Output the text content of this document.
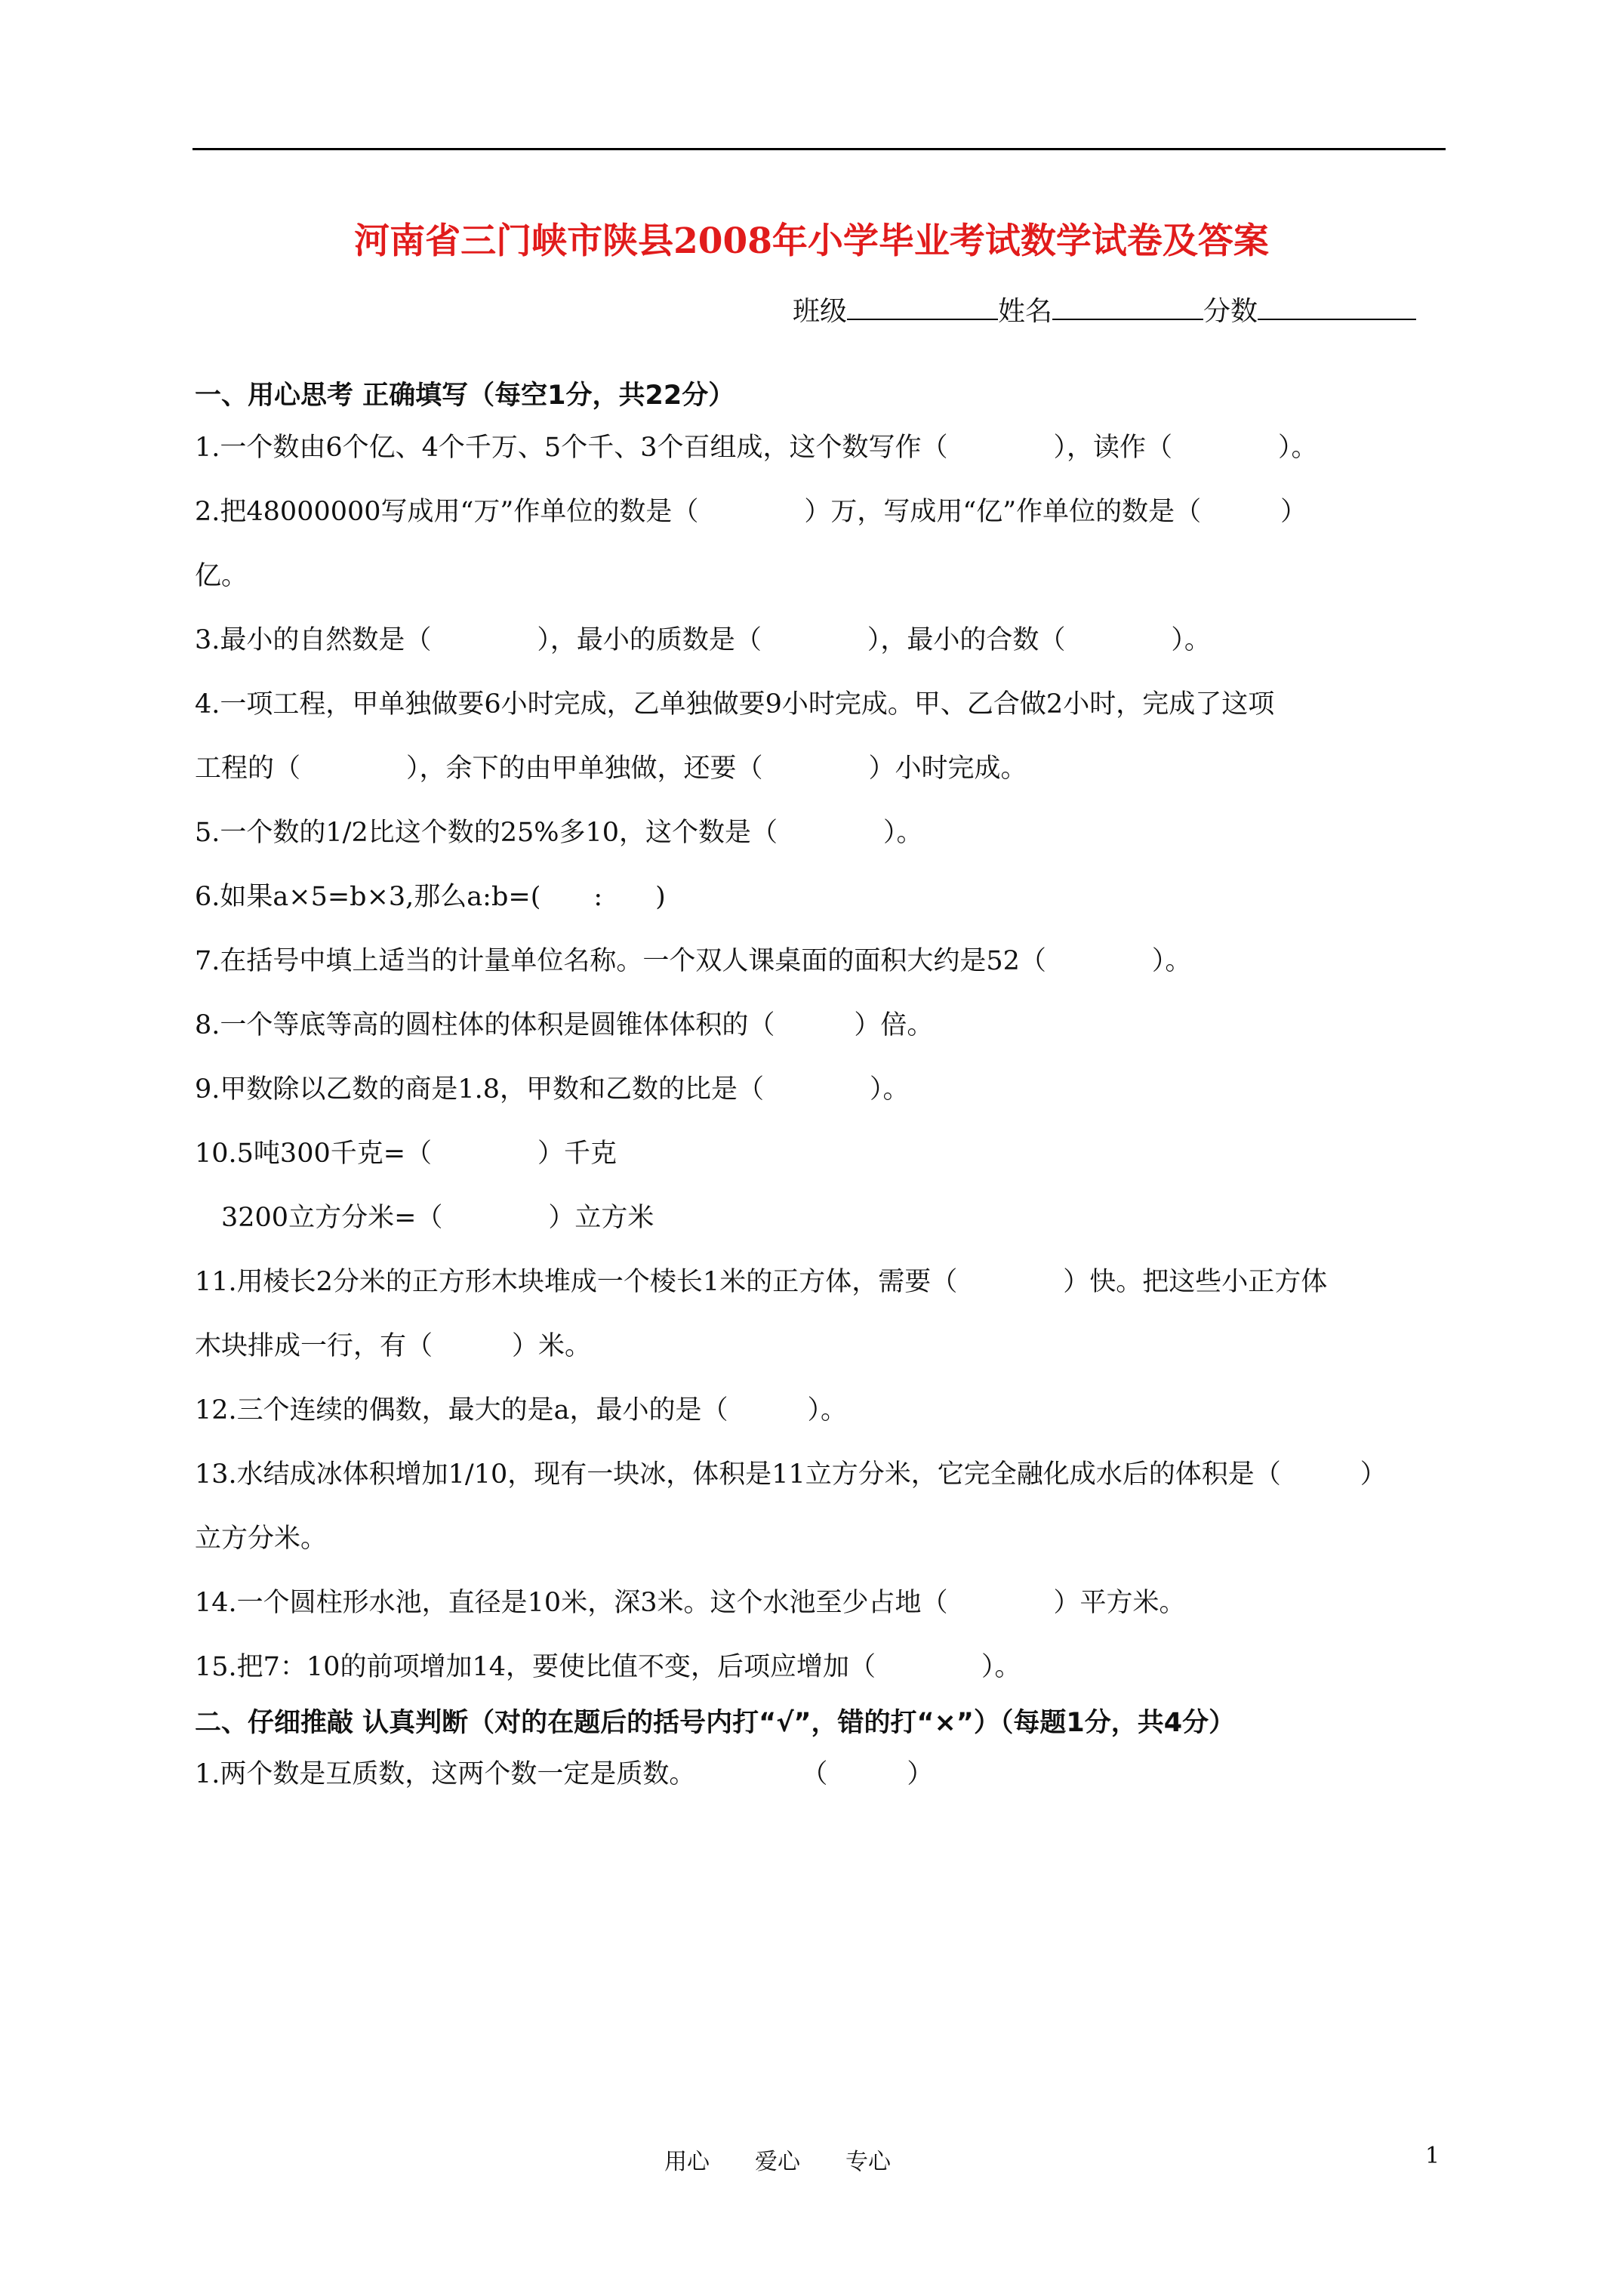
河南省三门峡市陕县2008年小学毕业考试数学试卷及答案
班级	姓名	分数
一、用心思考 正确填写（每空1分，共22分）
1.一个数由6个亿、4个千万、5个千、3个百组成，这个数写作（　　　　），读作（　　　　）。
2.把48000000写成用“万”作单位的数是（　　　　）万，写成用“亿”作单位的数是（　　　）
亿。
3.最小的自然数是（　　　　），最小的质数是（　　　　），最小的合数（　　　　）。
4.一项工程，甲单独做要6小时完成，乙单独做要9小时完成。甲、乙合做2小时，完成了这项
工程的（　　　　），余下的由甲单独做，还要（　　　　）小时完成。
5.一个数的1/2比这个数的25%多10，这个数是（　　　　）。
6.如果a×5=b×3,那么a:b=(　　:　　)
7.在括号中填上适当的计量单位名称。一个双人课桌面的面积大约是52（　　　　）。
8.一个等底等高的圆柱体的体积是圆锥体体积的（　　　）倍。
9.甲数除以乙数的商是1.8，甲数和乙数的比是（　　　　）。
10.5吨300千克=（　　　　）千克
　3200立方分米=（　　　　）立方米
11.用棱长2分米的正方形木块堆成一个棱长1米的正方体，需要（　　　　）快。把这些小正方体
木块排成一行，有（　　　）米。
12.三个连续的偶数，最大的是a，最小的是（　　　）。
13.水结成冰体积增加1/10，现有一块冰，体积是11立方分米，它完全融化成水后的体积是（　　　）
立方分米。
14.一个圆柱形水池，直径是10米，深3米。这个水池至少占地（　　　　）平方米。
15.把7：10的前项增加14，要使比值不变，后项应增加（　　　　）。
二、仔细推敲 认真判断（对的在题后的括号内打“√”，错的打“×”）（每题1分，共4分）
1.两个数是互质数，这两个数一定是质数。　　　　　（　　　）
用心　　爱心　　专心	1
